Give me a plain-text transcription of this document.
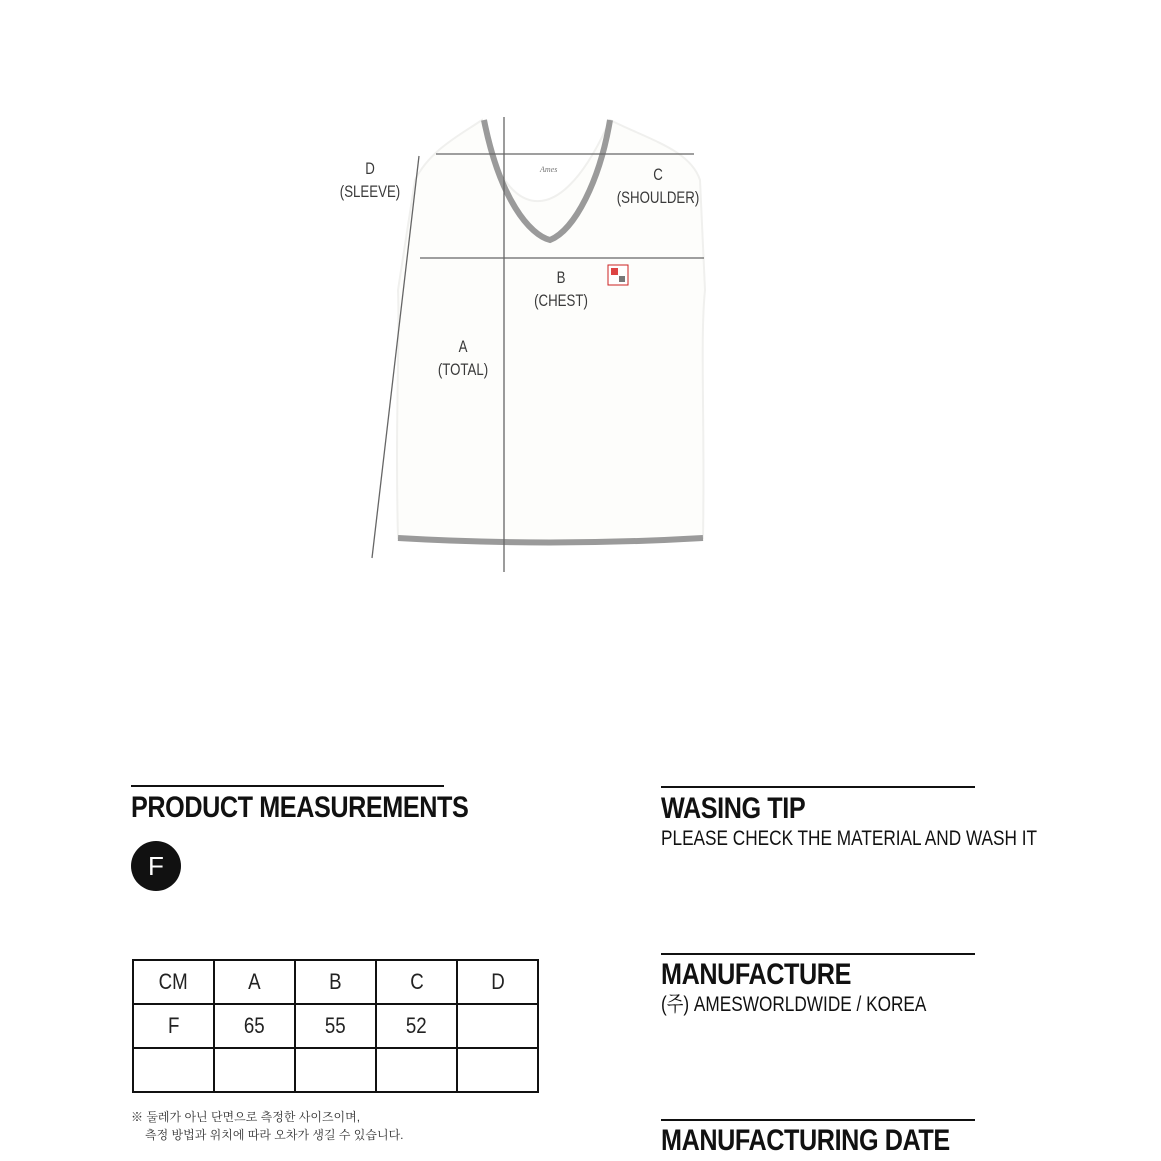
Ames
D
(SLEEVE)
C
(SHOULDER)
B
(CHEST)
A
(TOTAL)
PRODUCT MEASUREMENTS
F
CM	A	B	C	D
F	65	55	52	

※ 둘레가 아닌 단면으로 측정한 사이즈이며,
측정 방법과 위치에 따라 오차가 생길 수 있습니다.
WASING TIP
PLEASE CHECK THE MATERIAL AND WASH IT
MANUFACTURE
(주) AMESWORLDWIDE / KOREA
MANUFACTURING DATE
